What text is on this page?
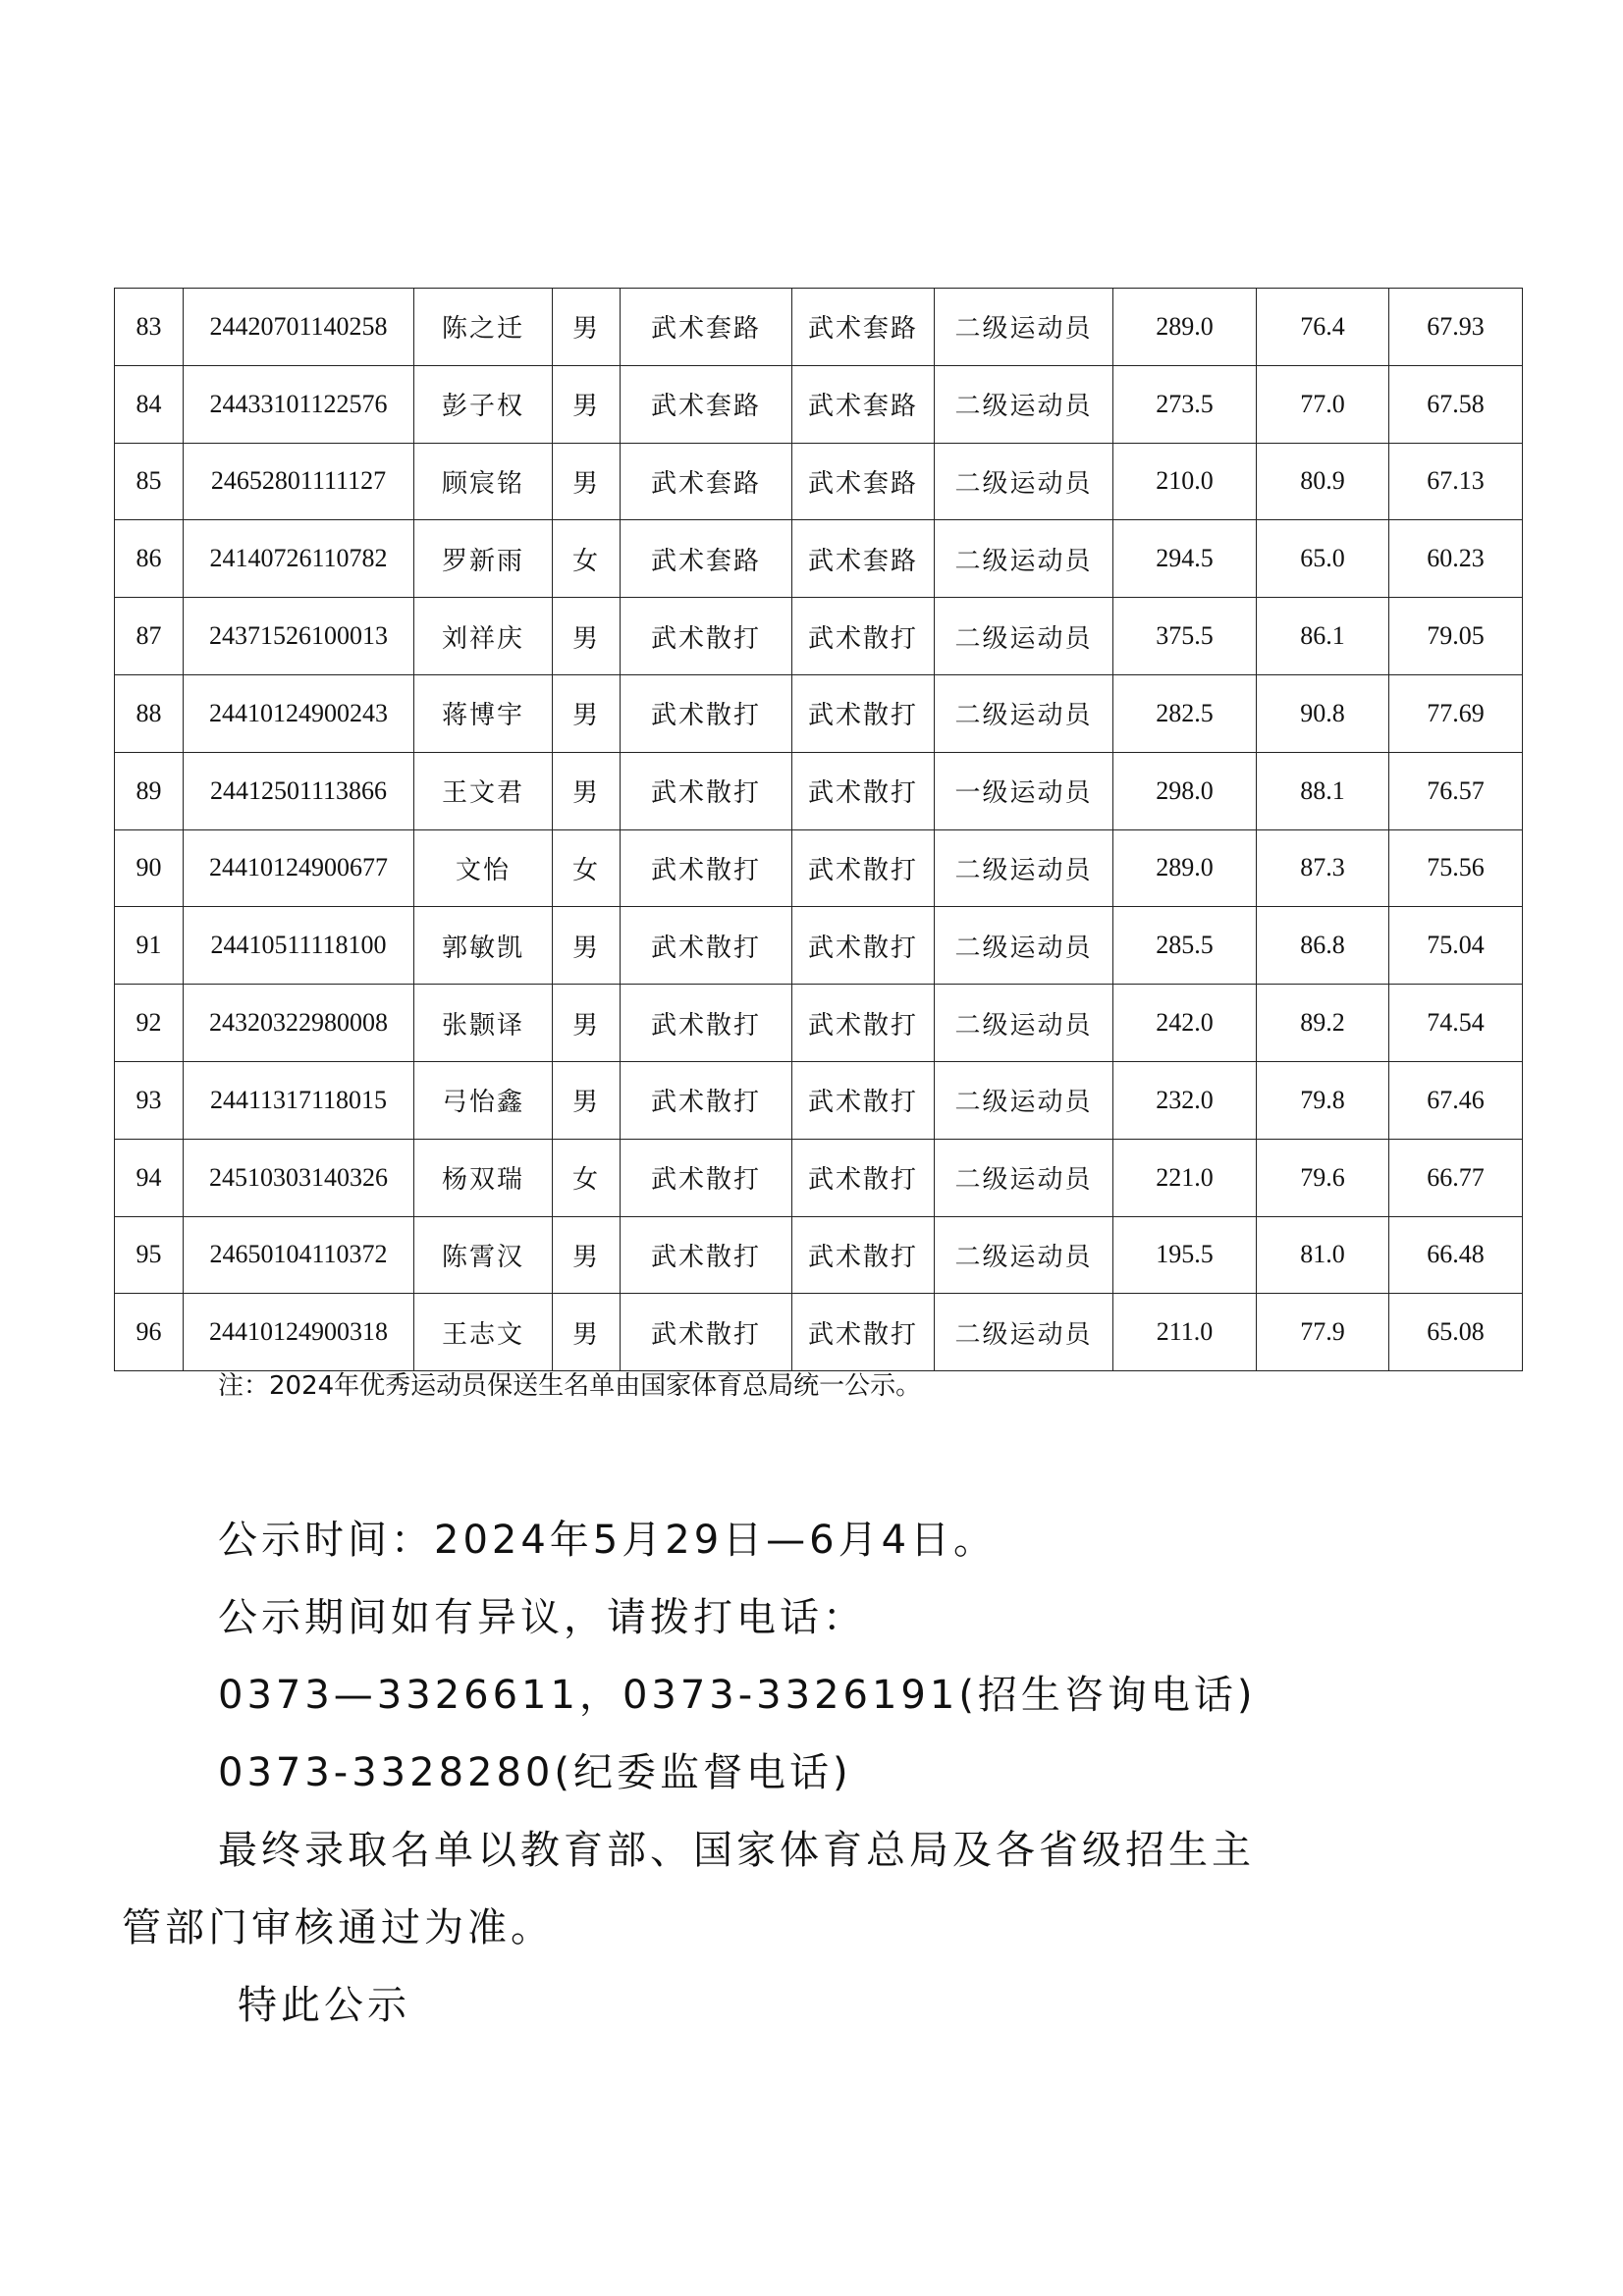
83	24420701140258	陈之迁	男	武术套路	武术套路	二级运动员	289.0	76.4	67.93
84	24433101122576	彭子权	男	武术套路	武术套路	二级运动员	273.5	77.0	67.58
85	24652801111127	顾宸铭	男	武术套路	武术套路	二级运动员	210.0	80.9	67.13
86	24140726110782	罗新雨	女	武术套路	武术套路	二级运动员	294.5	65.0	60.23
87	24371526100013	刘祥庆	男	武术散打	武术散打	二级运动员	375.5	86.1	79.05
88	24410124900243	蒋博宇	男	武术散打	武术散打	二级运动员	282.5	90.8	77.69
89	24412501113866	王文君	男	武术散打	武术散打	一级运动员	298.0	88.1	76.57
90	24410124900677	文怡	女	武术散打	武术散打	二级运动员	289.0	87.3	75.56
91	24410511118100	郭敏凯	男	武术散打	武术散打	二级运动员	285.5	86.8	75.04
92	24320322980008	张颢译	男	武术散打	武术散打	二级运动员	242.0	89.2	74.54
93	24411317118015	弓怡鑫	男	武术散打	武术散打	二级运动员	232.0	79.8	67.46
94	24510303140326	杨双瑞	女	武术散打	武术散打	二级运动员	221.0	79.6	66.77
95	24650104110372	陈霄汉	男	武术散打	武术散打	二级运动员	195.5	81.0	66.48
96	24410124900318	王志文	男	武术散打	武术散打	二级运动员	211.0	77.9	65.08
注：2024年优秀运动员保送生名单由国家体育总局统一公示。

公示时间：2024年5月29日—6月4日。

公示期间如有异议，请拨打电话：

0373—3326611，0373-3326191(招生咨询电话)

0373-3328280(纪委监督电话)

最终录取名单以教育部、国家体育总局及各省级招生主

管部门审核通过为准。

特此公示
